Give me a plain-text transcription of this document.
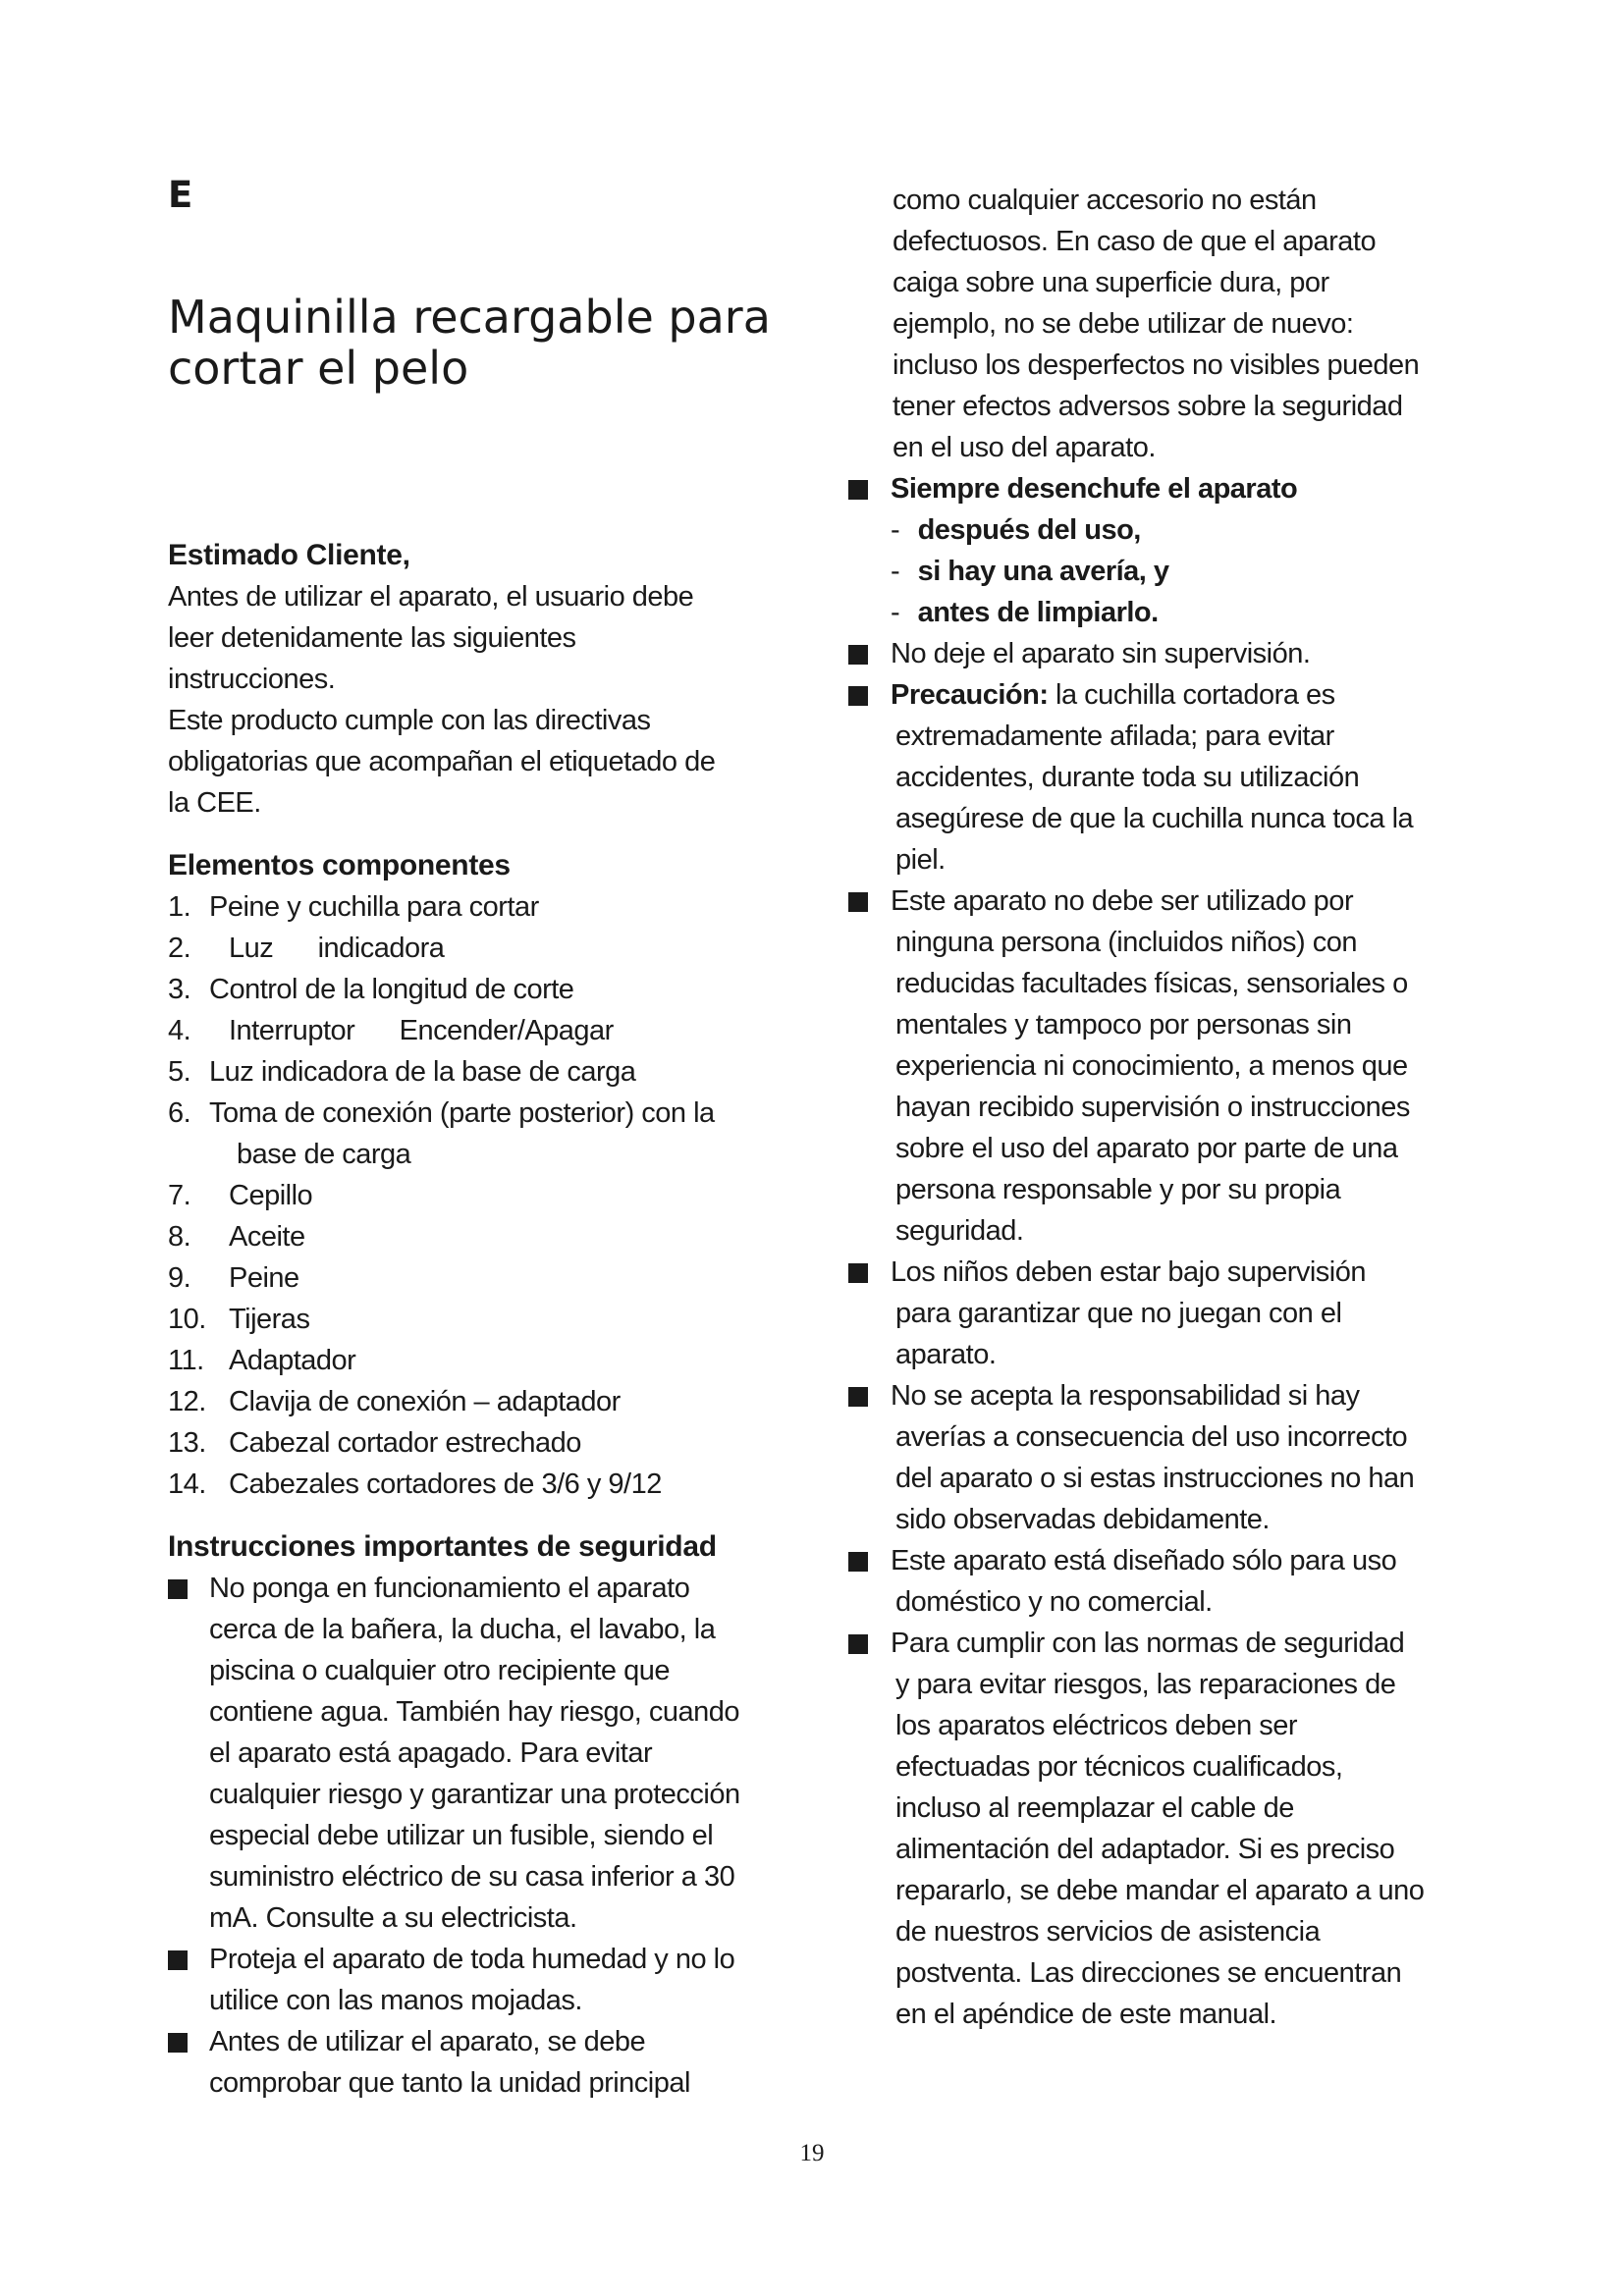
E
Maquinilla recargable para
cortar el pelo
Estimado Cliente,

Antes de utilizar el aparato, el usuario debe
leer detenidamente las siguientes
instrucciones.
Este producto cumple con las directivas
obligatorias que acompañan el etiquetado de
la CEE.

Elementos componentes
1. Peine y cuchilla para cortar
2.	Luz      indicadora
3. Control de la longitud de corte
4.	Interruptor      Encender/Apagar
5. Luz indicadora de la base de carga
6. Toma de conexión (parte posterior) con la
base de carga
7.	Cepillo
8.	Aceite
9.	Peine
10. Tijeras
11. Adaptador
12. Clavija de conexión – adaptador
13. Cabezal cortador estrechado
14. Cabezales cortadores de 3/6 y 9/12
Instrucciones importantes de seguridad
No ponga en funcionamiento el aparato
cerca de la bañera, la ducha, el lavabo, la
piscina o cualquier otro recipiente que
contiene agua. También hay riesgo, cuando
el aparato está apagado. Para evitar
cualquier riesgo y garantizar una protección
especial debe utilizar un fusible, siendo el
suministro eléctrico de su casa inferior a 30
mA. Consulte a su electricista.
Proteja el aparato de toda humedad y no lo
utilice con las manos mojadas.
Antes de utilizar el aparato, se debe
comprobar que tanto la unidad principal
como cualquier accesorio no están
defectuosos. En caso de que el aparato
caiga sobre una superficie dura, por
ejemplo, no se debe utilizar de nuevo:
incluso los desperfectos no visibles pueden
tener efectos adversos sobre la seguridad
en el uso del aparato.
Siempre desenchufe el aparato
- después del uso,
- si hay una avería, y
- antes de limpiarlo.
No deje el aparato sin supervisión.
Precaución: la cuchilla cortadora es
extremadamente afilada; para evitar
accidentes, durante toda su utilización
asegúrese de que la cuchilla nunca toca la
piel.
Este aparato no debe ser utilizado por
ninguna persona (incluidos niños) con
reducidas facultades físicas, sensoriales o
mentales y tampoco por personas sin
experiencia ni conocimiento, a menos que
hayan recibido supervisión o instrucciones
sobre el uso del aparato por parte de una
persona responsable y por su propia
seguridad.
Los niños deben estar bajo supervisión
para garantizar que no juegan con el
aparato.
No se acepta la responsabilidad si hay
averías a consecuencia del uso incorrecto
del aparato o si estas instrucciones no han
sido observadas debidamente.
Este aparato está diseñado sólo para uso
doméstico y no comercial.
Para cumplir con las normas de seguridad
y para evitar riesgos, las reparaciones de
los aparatos eléctricos deben ser
efectuadas por técnicos cualificados,
incluso al reemplazar el cable de
alimentación del adaptador. Si es preciso
repararlo, se debe mandar el aparato a uno
de nuestros servicios de asistencia
postventa. Las direcciones se encuentran
en el apéndice de este manual.
19
